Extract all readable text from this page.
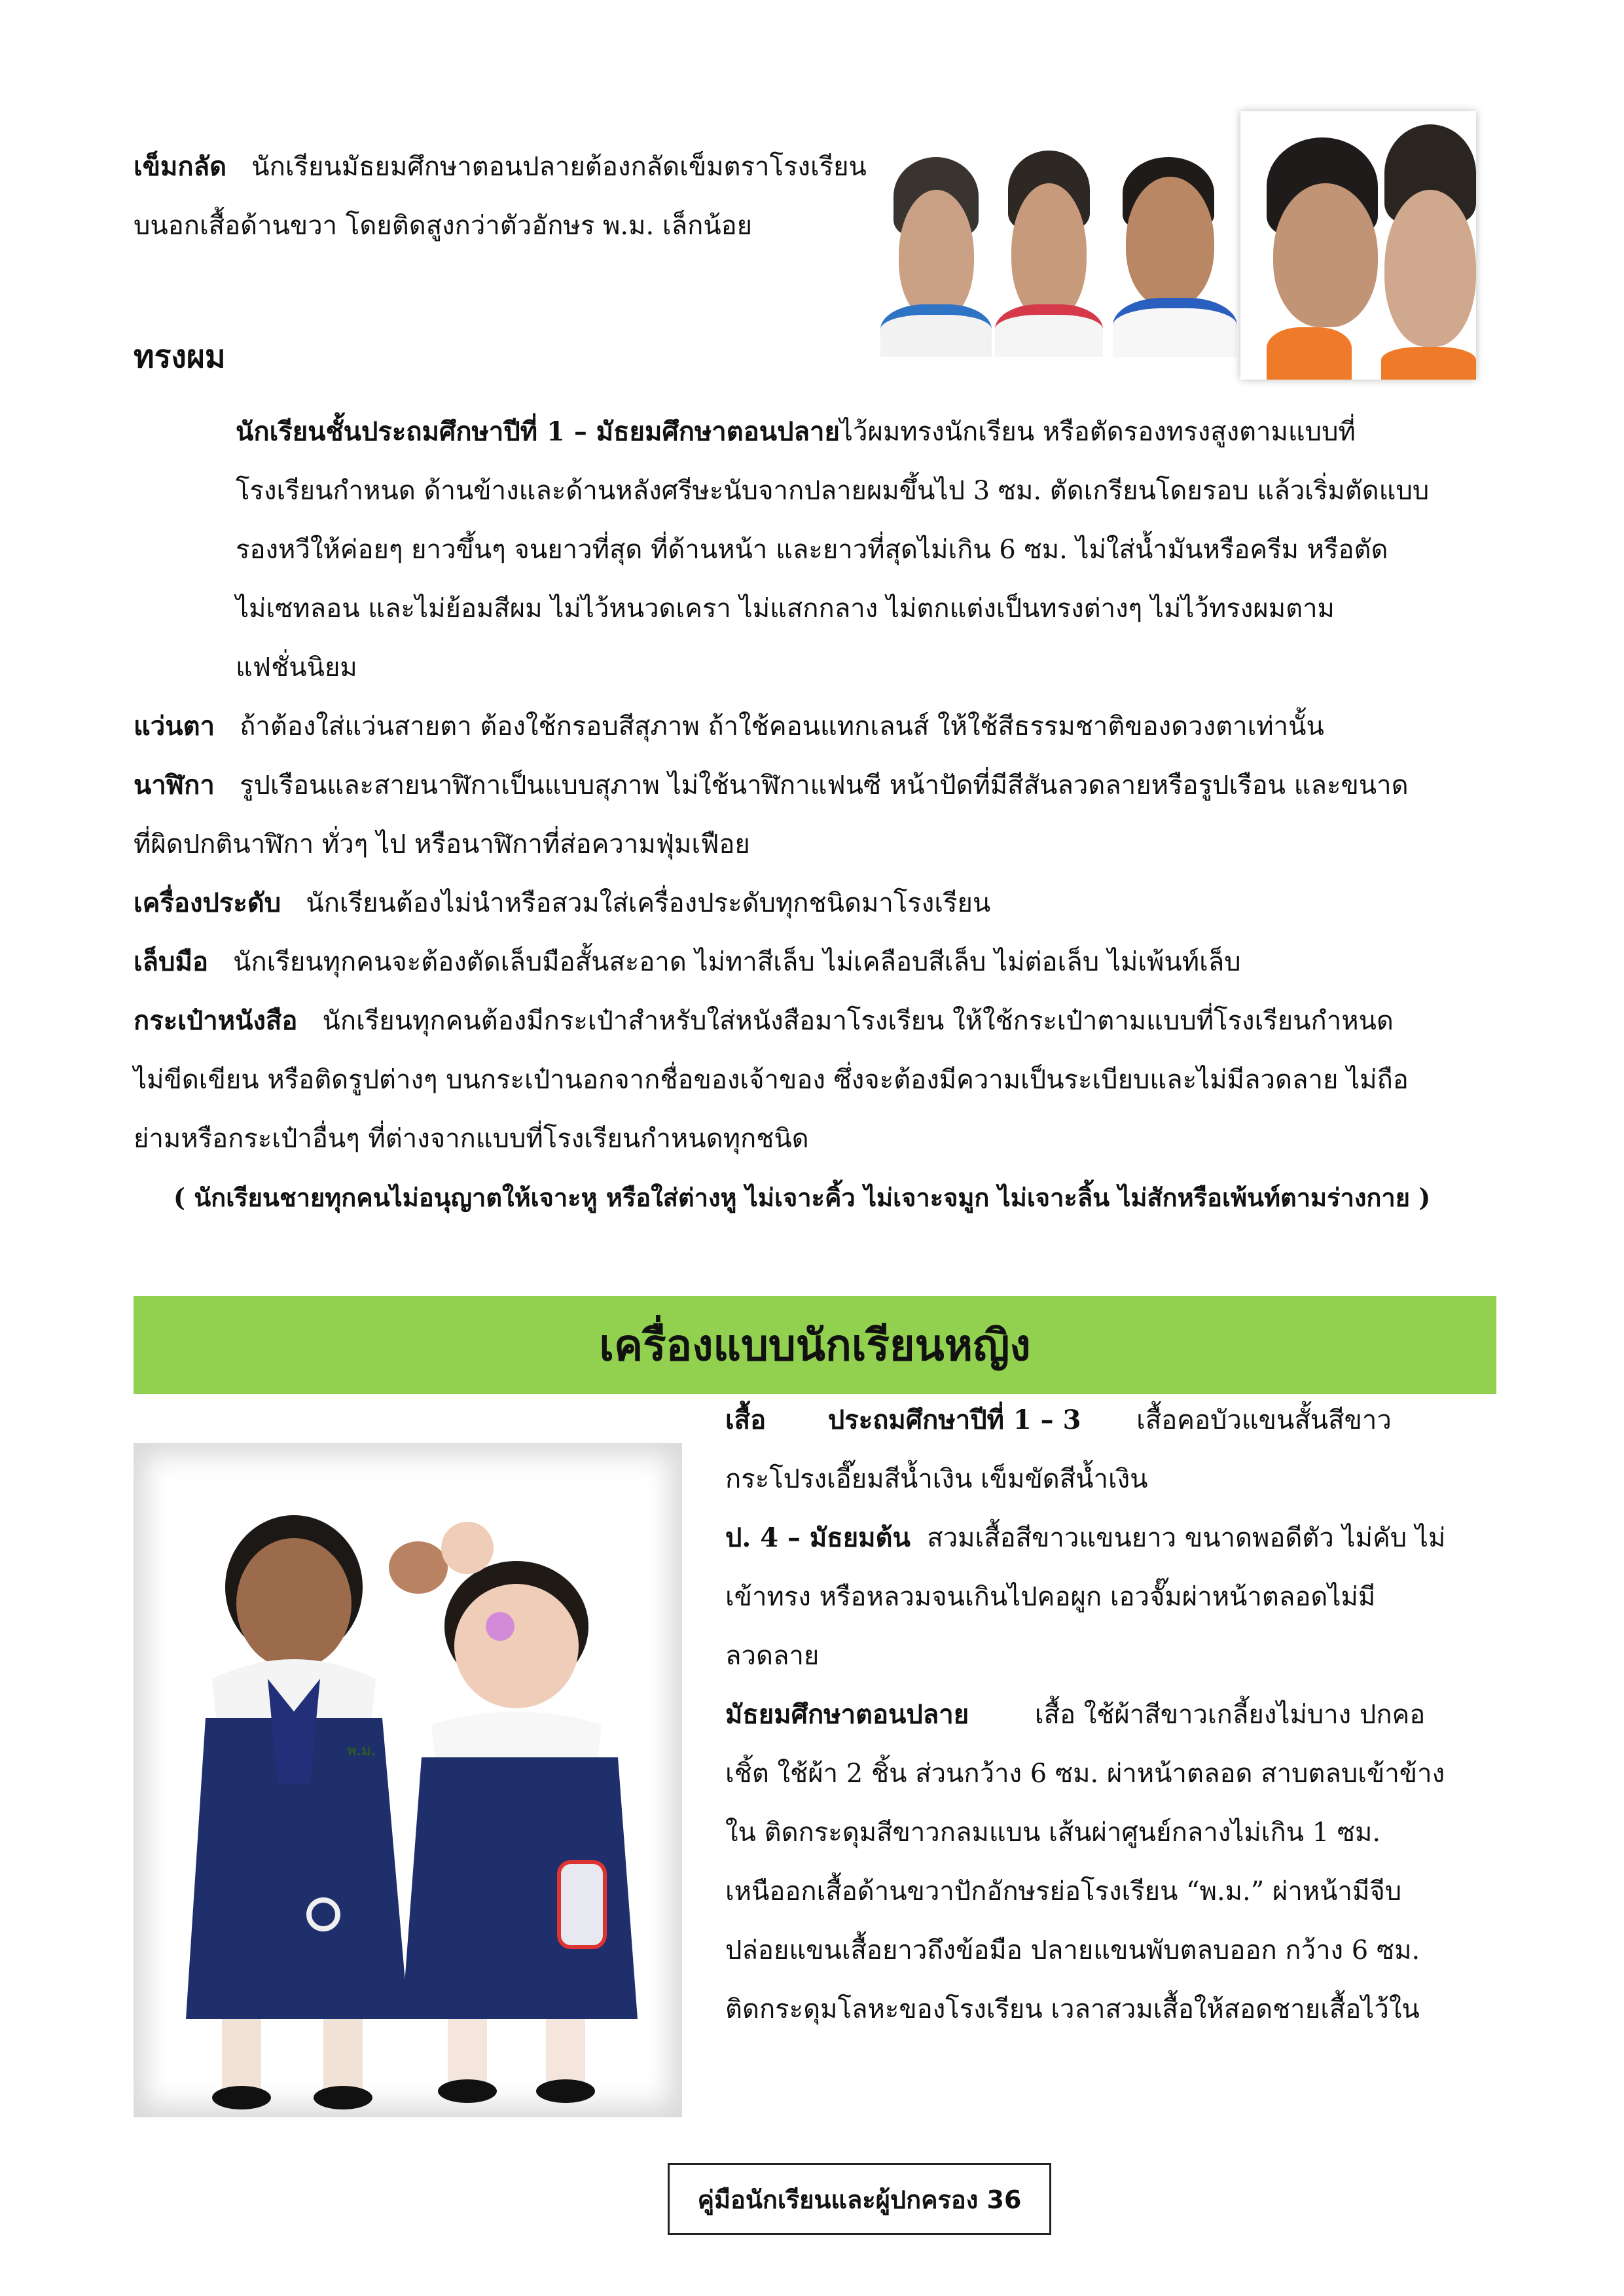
เข็มกลัด นักเรียนมัธยมศึกษาตอนปลายต้องกลัดเข็มตราโรงเรียน
บนอกเสื้อด้านขวา โดยติดสูงกว่าตัวอักษร พ.ม. เล็กน้อย
ทรงผม
นักเรียนชั้นประถมศึกษาปีที่ 1 – มัธยมศึกษาตอนปลายไว้ผมทรงนักเรียน หรือตัดรองทรงสูงตามแบบที่
โรงเรียนกำหนด ด้านข้างและด้านหลังศรีษะนับจากปลายผมขึ้นไป 3 ซม. ตัดเกรียนโดยรอบ แล้วเริ่มตัดแบบ
รองหวีให้ค่อยๆ ยาวขึ้นๆ จนยาวที่สุด ที่ด้านหน้า และยาวที่สุดไม่เกิน 6 ซม. ไม่ใส่น้ำมันหรือครีม หรือตัด
ไม่เซทลอน และไม่ย้อมสีผม ไม่ไว้หนวดเครา ไม่แสกกลาง ไม่ตกแต่งเป็นทรงต่างๆ ไม่ไว้ทรงผมตาม
แฟชั่นนิยม
แว่นตา ถ้าต้องใส่แว่นสายตา ต้องใช้กรอบสีสุภาพ ถ้าใช้คอนแทกเลนส์ ให้ใช้สีธรรมชาติของดวงตาเท่านั้น
นาฬิกา รูปเรือนและสายนาฬิกาเป็นแบบสุภาพ ไม่ใช้นาฬิกาแฟนซี หน้าปัดที่มีสีสันลวดลายหรือรูปเรือน และขนาด
ที่ผิดปกตินาฬิกา ทั่วๆ ไป หรือนาฬิกาที่ส่อความฟุ่มเฟือย
เครื่องประดับ นักเรียนต้องไม่นำหรือสวมใส่เครื่องประดับทุกชนิดมาโรงเรียน
เล็บมือ นักเรียนทุกคนจะต้องตัดเล็บมือสั้นสะอาด ไม่ทาสีเล็บ ไม่เคลือบสีเล็บ ไม่ต่อเล็บ ไม่เพ้นท์เล็บ
กระเป๋าหนังสือ นักเรียนทุกคนต้องมีกระเป๋าสำหรับใส่หนังสือมาโรงเรียน ให้ใช้กระเป๋าตามแบบที่โรงเรียนกำหนด
ไม่ขีดเขียน หรือติดรูปต่างๆ บนกระเป๋านอกจากชื่อของเจ้าของ ซึ่งจะต้องมีความเป็นระเบียบและไม่มีลวดลาย ไม่ถือ
ย่ามหรือกระเป๋าอื่นๆ ที่ต่างจากแบบที่โรงเรียนกำหนดทุกชนิด
( นักเรียนชายทุกคนไม่อนุญาตให้เจาะหู หรือใส่ต่างหู ไม่เจาะคิ้ว ไม่เจาะจมูก ไม่เจาะลิ้น ไม่สักหรือเพ้นท์ตามร่างกาย )
เครื่องแบบนักเรียนหญิง
พ.ม.
เสื้อ ประถมศึกษาปีที่ 1 – 3 เสื้อคอบัวแขนสั้นสีขาว
กระโปรงเอี๊ยมสีน้ำเงิน เข็มขัดสีน้ำเงิน
ป. 4 – มัธยมต้น สวมเสื้อสีขาวแขนยาว ขนาดพอดีตัว ไม่คับ ไม่
เข้าทรง หรือหลวมจนเกินไปคอผูก เอวจั๊มผ่าหน้าตลอดไม่มี
ลวดลาย
มัธยมศึกษาตอนปลาย	เสื้อ ใช้ผ้าสีขาวเกลี้ยงไม่บาง ปกคอ
เชิ้ต ใช้ผ้า 2 ชิ้น ส่วนกว้าง 6 ซม. ผ่าหน้าตลอด สาบตลบเข้าข้าง
ใน ติดกระดุมสีขาวกลมแบน เส้นผ่าศูนย์กลางไม่เกิน 1 ซม.
เหนืออกเสื้อด้านขวาปักอักษรย่อโรงเรียน “พ.ม.” ผ่าหน้ามีจีบ
ปล่อยแขนเสื้อยาวถึงข้อมือ ปลายแขนพับตลบออก กว้าง 6 ซม.
ติดกระดุมโลหะของโรงเรียน เวลาสวมเสื้อให้สอดชายเสื้อไว้ใน
คู่มือนักเรียนและผู้ปกครอง 36
